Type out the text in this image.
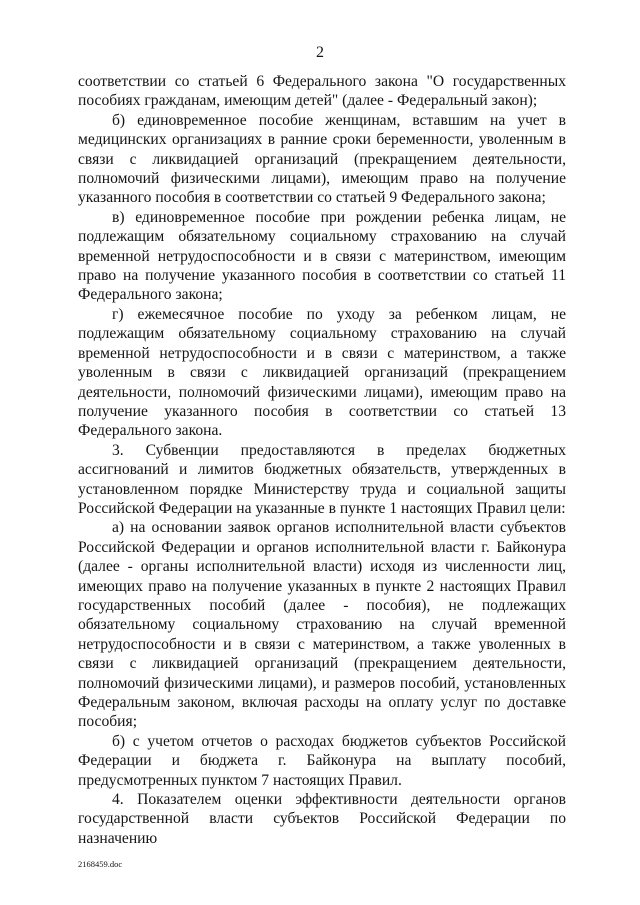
2

соответствии со статьей 6 Федерального закона "О государственных пособиях гражданам, имеющим детей" (далее - Федеральный закон);

б) единовременное пособие женщинам, вставшим на учет в медицинских организациях в ранние сроки беременности, уволенным в связи с ликвидацией организаций (прекращением деятельности, полномочий физическими лицами), имеющим право на получение указанного пособия в соответствии со статьей 9 Федерального закона;

в) единовременное пособие при рождении ребенка лицам, не подлежащим обязательному социальному страхованию на случай временной нетрудоспособности и в связи с материнством, имеющим право на получение указанного пособия в соответствии со статьей 11 Федерального закона;

г) ежемесячное пособие по уходу за ребенком лицам, не подлежащим обязательному социальному страхованию на случай временной нетрудоспособности и в связи с материнством, а также уволенным в связи с ликвидацией организаций (прекращением деятельности, полномочий физическими лицами), имеющим право на получение указанного пособия в соответствии со статьей 13 Федерального закона.

3. Субвенции предоставляются в пределах бюджетных ассигнований и лимитов бюджетных обязательств, утвержденных в установленном порядке Министерству труда и социальной защиты Российской Федерации на указанные в пункте 1 настоящих Правил цели:

а) на основании заявок органов исполнительной власти субъектов Российской Федерации и органов исполнительной власти г. Байконура (далее - органы исполнительной власти) исходя из численности лиц, имеющих право на получение указанных в пункте 2 настоящих Правил государственных пособий (далее - пособия), не подлежащих обязательному социальному страхованию на случай временной нетрудоспособности и в связи с материнством, а также уволенных в связи с ликвидацией организаций (прекращением деятельности, полномочий физическими лицами), и размеров пособий, установленных Федеральным законом, включая расходы на оплату услуг по доставке пособия;

б) с учетом отчетов о расходах бюджетов субъектов Российской Федерации и бюджета г. Байконура на выплату пособий, предусмотренных пунктом 7 настоящих Правил.

4. Показателем оценки эффективности деятельности органов государственной власти субъектов Российской Федерации по назначению

2168459.doc
